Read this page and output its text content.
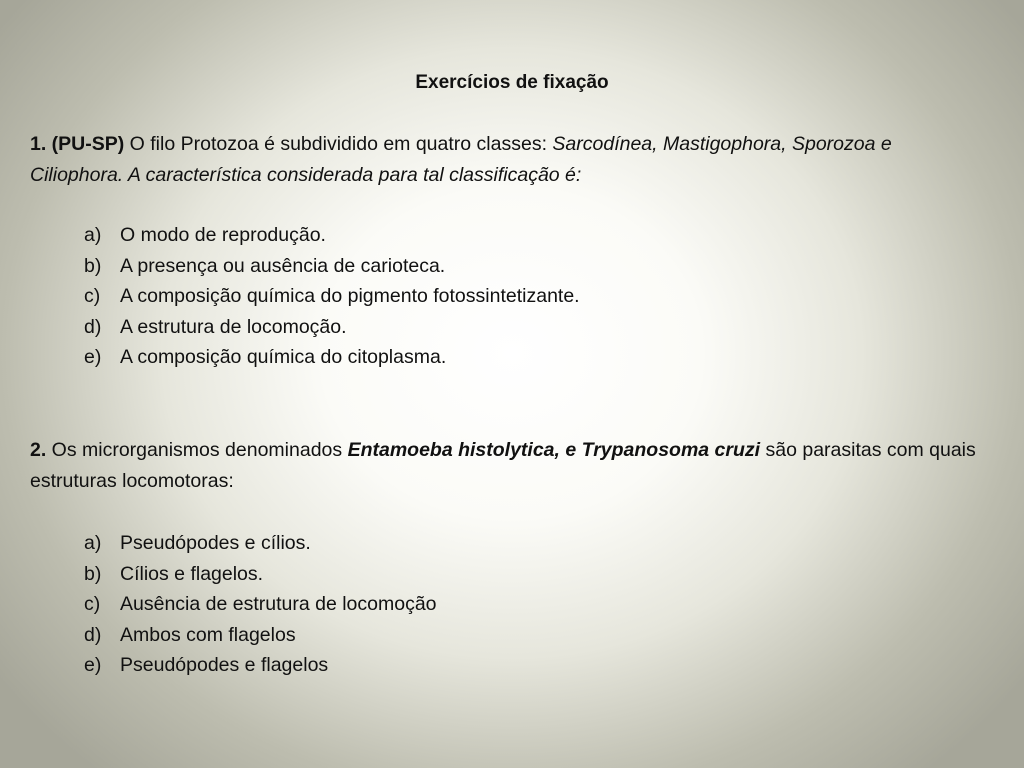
Exercícios de fixação

1. (PU-SP) O filo Protozoa é subdividido em quatro classes: Sarcodínea, Mastigophora, Sporozoa e Ciliophora. A característica considerada para tal classificação é:

a) O modo de reprodução.
b) A presença ou ausência de carioteca.
c)	A composição química do pigmento fotossintetizante.
d) A estrutura de locomoção.
e) A composição química do citoplasma.

2. Os microrganismos denominados Entamoeba histolytica, e Trypanosoma cruzi são parasitas com quais estruturas locomotoras:

a) Pseudópodes e cílios.
b) Cílios e flagelos.
c)	Ausência de estrutura de locomoção
d) Ambos com flagelos
e) Pseudópodes e flagelos
